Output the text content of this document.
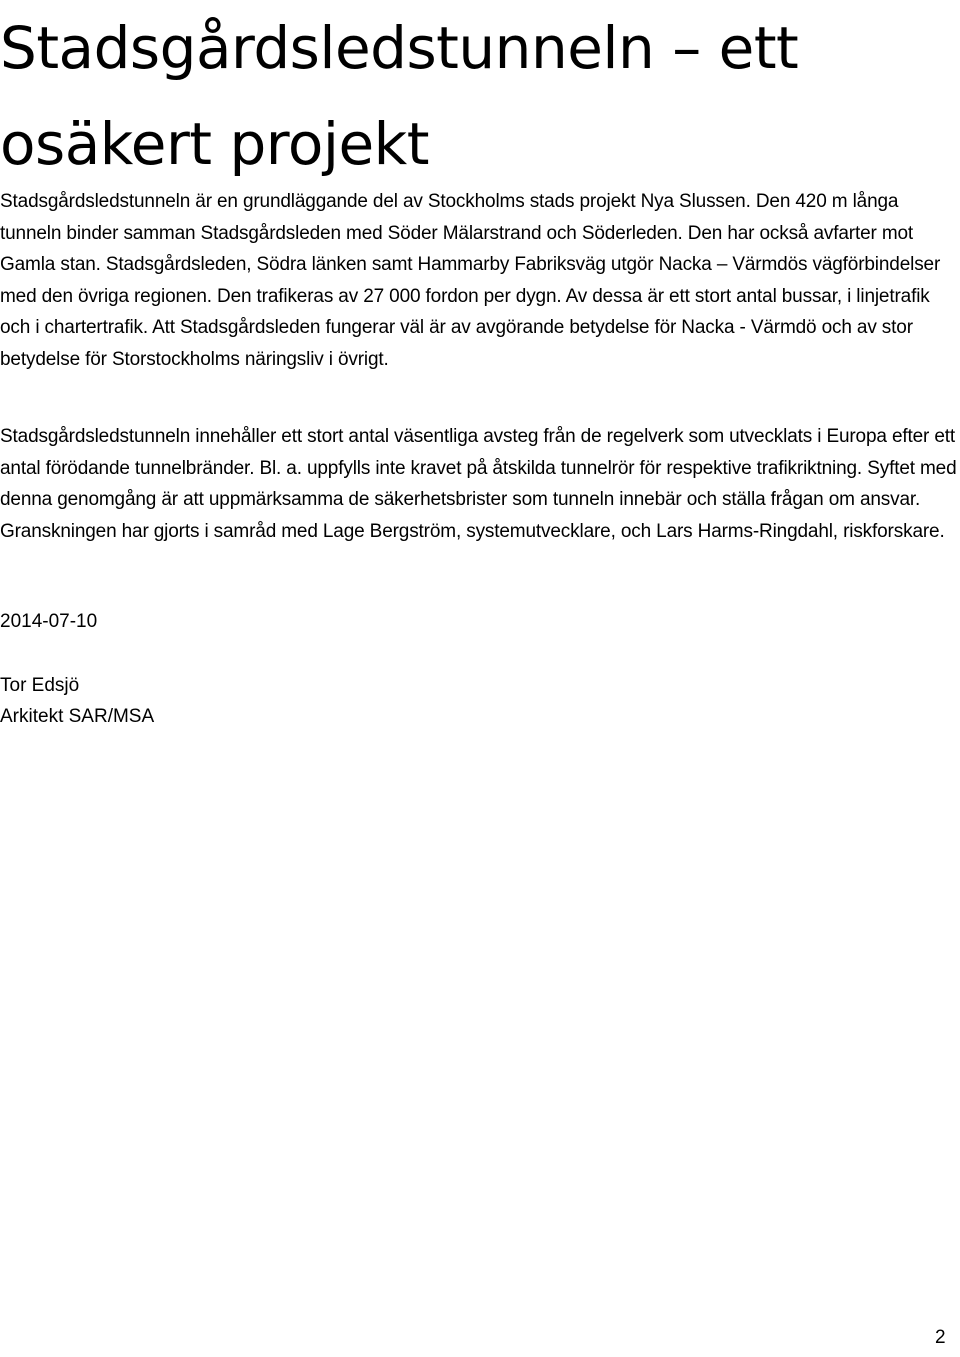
Stadsgårdsledstunneln – ett osäkert projekt

Stadsgårdsledstunneln är en grundläggande del av Stockholms stads projekt Nya Slussen. Den 420 m långa tunneln binder samman Stadsgårdsleden med Söder Mälarstrand och Söderleden. Den har också avfarter mot Gamla stan. Stadsgårdsleden, Södra länken samt Hammarby Fabriksväg utgör Nacka – Värmdös vägförbindelser med den övriga regionen. Den trafikeras av 27 000 fordon per dygn. Av dessa är ett stort antal bussar, i linjetrafik och i chartertrafik. Att Stadsgårdsleden fungerar väl är av avgörande betydelse för Nacka - Värmdö och av stor betydelse för Storstockholms näringsliv i övrigt.

Stadsgårdsledstunneln innehåller ett stort antal väsentliga avsteg från de regelverk som utvecklats i Europa efter ett antal förödande tunnelbränder. Bl. a. uppfylls inte kravet på åtskilda tunnelrör för respektive trafikriktning. Syftet med denna genomgång är att uppmärksamma de säkerhetsbrister som tunneln innebär och ställa frågan om ansvar. Granskningen har gjorts i samråd med Lage Bergström, systemutvecklare, och Lars Harms-Ringdahl, riskforskare.

2014-07-10
Tor Edsjö
Arkitekt SAR/MSA
2
